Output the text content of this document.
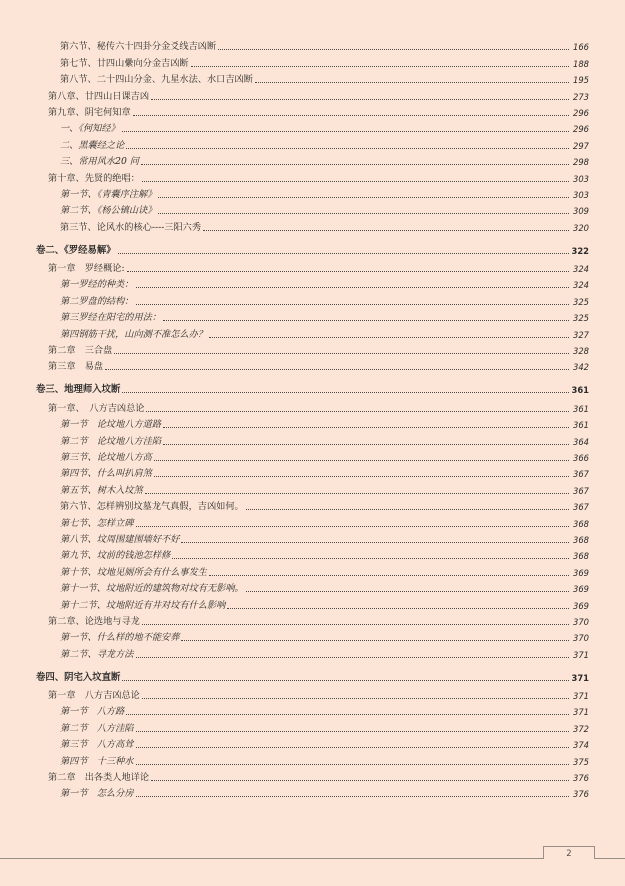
第六节、秘传六十四卦分金爻线吉凶断	166
第七节、廿四山纍向分金吉凶断	188
第八节、二十四山分金、九星水法、水口吉凶断	195
第八章、廿四山日课吉凶	273
第九章、阴宅何知章	296
一、《何知经》	296
二、黑囊经之论	297
三、常用风水20 问	298
第十章、先贤的绝唱：	303
第一节、《青囊序注解》	303
第二节、《杨公镇山诀》	309
第三节、论风水的核心----三阳六秀	320
卷二、《罗经易解》	322
第一章　罗经概论:	324
第一罗经的种类：	324
第二罗盘的结构：	325
第三罗经在阳宅的用法：	325
第四钢筋干扰，山向测不准怎么办？	327
第二章　三合盘	328
第三章　易盘	342
卷三、地理师入坟断	361
第一章、　八方吉凶总论	361
第一节　论坟地八方道路	361
第二节　论坟地八方洼陷	364
第三节、论坟地八方高	366
第四节、什么叫扒肩煞	367
第五节、树木入坟煞	367
第六节、怎样辨别坟墓龙气真假，吉凶如何。	367
第七节、怎样立碑	368
第八节、坟周围建围墙好不好	368
第九节、坟前的钱池怎样修	368
第十节、坟地见厕所会有什么事发生	369
第十一节、坟地附近的建筑物对坟有无影响。	369
第十二节、坟地附近有井对坟有什么影响	369
第二章、论选地与寻龙	370
第一节、什么样的地不能安葬	370
第二节、寻龙方法	371
卷四、阴宅入坟直断	371
第一章　八方吉凶总论	371
第一节　八方路	371
第二节　八方洼陷	372
第三节　八方高耸	374
第四节　十三种水	375
第二章　出各类人地详论	376
第一节　怎么分房	376
2
